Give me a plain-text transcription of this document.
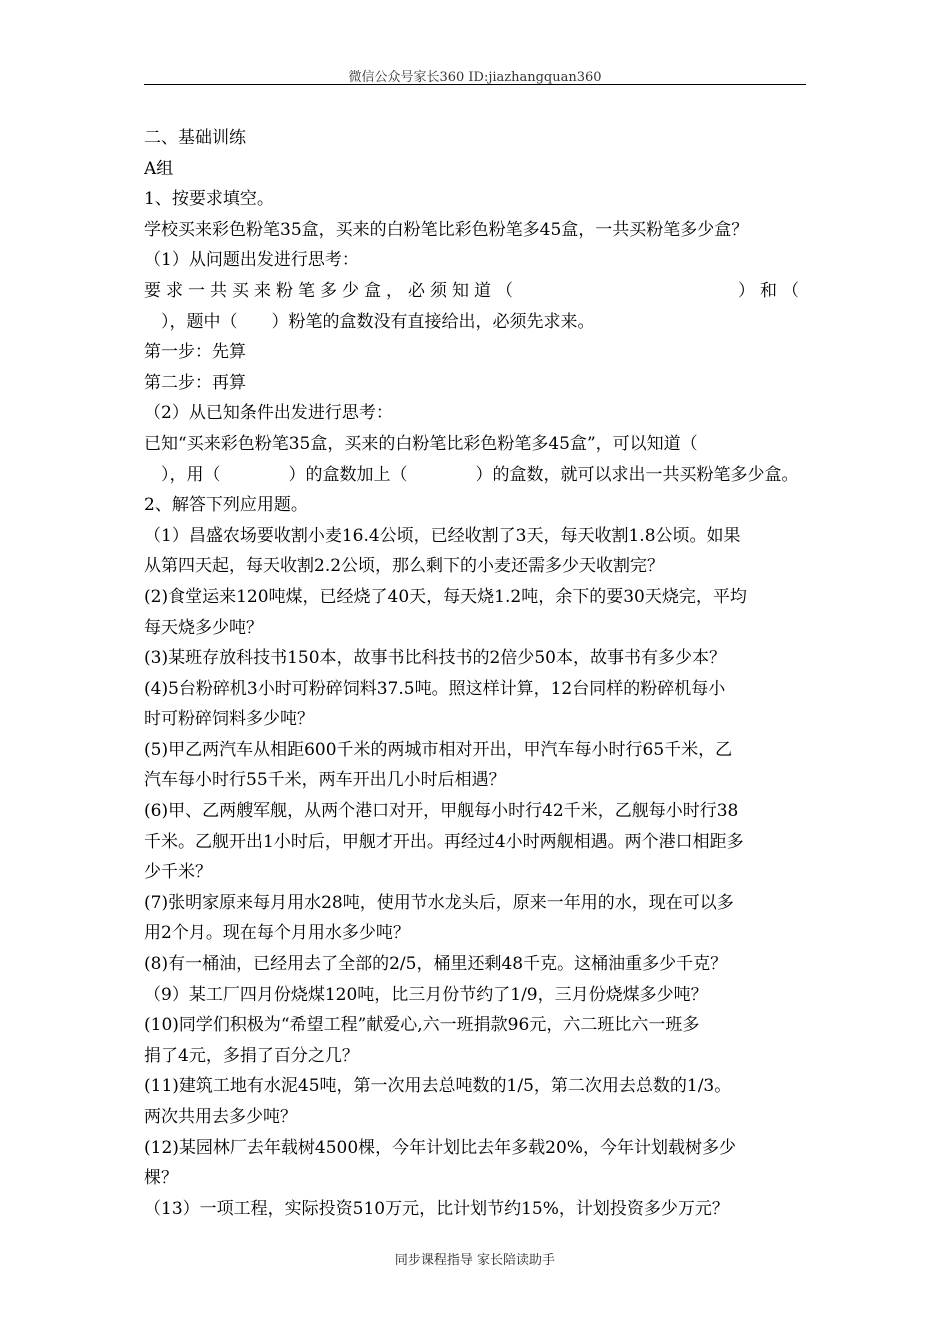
微信公众号家长360 ID:jiazhangquan360
二、基础训练
A组
1、按要求填空。
学校买来彩色粉笔35盒，买来的白粉笔比彩色粉笔多45盒，一共买粉笔多少盒？
（1）从问题出发进行思考：
要求一共买来粉笔多少盒，必须知道（　　　　　　　　　　）和（
　），题中（　　）粉笔的盒数没有直接给出，必须先求来。
第一步：先算
第二步：再算
（2）从已知条件出发进行思考：
已知“买来彩色粉笔35盒，买来的白粉笔比彩色粉笔多45盒”，可以知道（
　），用（　　　　）的盒数加上（　　　　）的盒数，就可以求出一共买粉笔多少盒。
2、解答下列应用题。
（1）昌盛农场要收割小麦16.4公顷，已经收割了3天，每天收割1.8公顷。如果
从第四天起，每天收割2.2公顷，那么剩下的小麦还需多少天收割完？
(2)食堂运来120吨煤，已经烧了40天，每天烧1.2吨，余下的要30天烧完，平均
每天烧多少吨？
(3)某班存放科技书150本，故事书比科技书的2倍少50本，故事书有多少本？
(4)5台粉碎机3小时可粉碎饲料37.5吨。照这样计算，12台同样的粉碎机每小
时可粉碎饲料多少吨？
(5)甲乙两汽车从相距600千米的两城市相对开出，甲汽车每小时行65千米，乙
汽车每小时行55千米，两车开出几小时后相遇？
(6)甲、乙两艘军舰，从两个港口对开，甲舰每小时行42千米，乙舰每小时行38
千米。乙舰开出1小时后，甲舰才开出。再经过4小时两舰相遇。两个港口相距多
少千米？
(7)张明家原来每月用水28吨，使用节水龙头后，原来一年用的水，现在可以多
用2个月。现在每个月用水多少吨？
(8)有一桶油，已经用去了全部的2/5，桶里还剩48千克。这桶油重多少千克？
（9）某工厂四月份烧煤120吨，比三月份节约了1/9，三月份烧煤多少吨？
(10)同学们积极为“希望工程”献爱心,六一班捐款96元，六二班比六一班多
捐了4元，多捐了百分之几？
(11)建筑工地有水泥45吨，第一次用去总吨数的1/5，第二次用去总数的1/3。
两次共用去多少吨？
(12)某园林厂去年载树4500棵，今年计划比去年多载20%，今年计划载树多少
棵？
（13）一项工程，实际投资510万元，比计划节约15%，计划投资多少万元？
同步课程指导 家长陪读助手
